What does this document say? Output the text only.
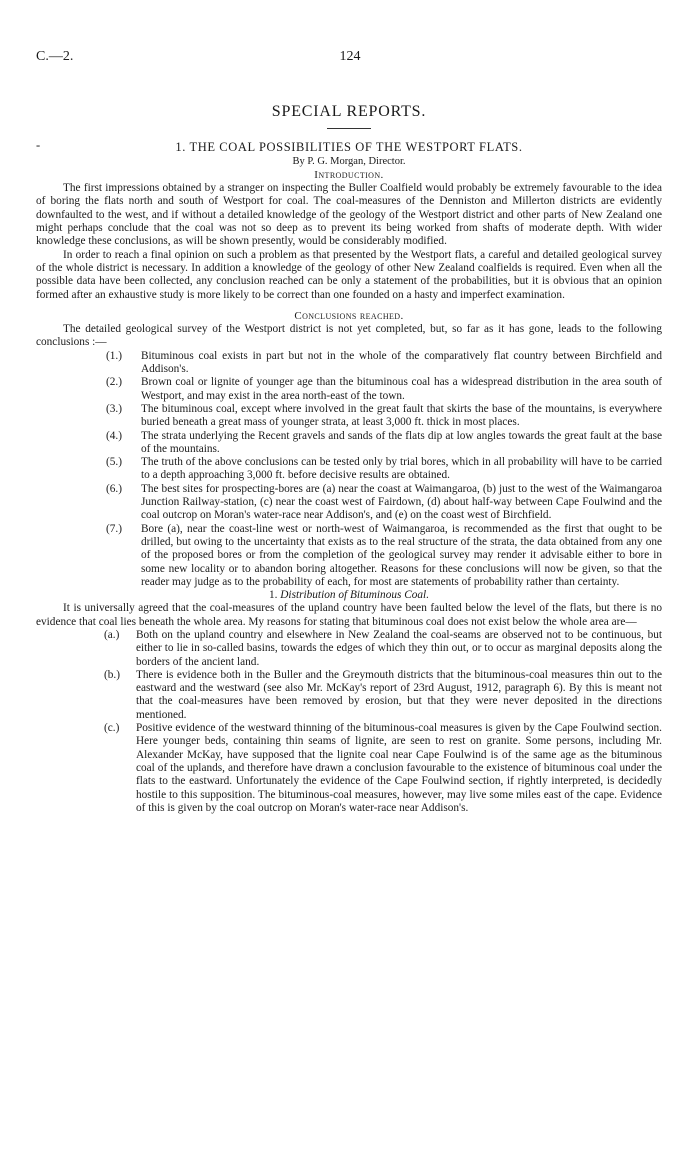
C.—2.	124
SPECIAL REPORTS.
-	1. THE COAL POSSIBILITIES OF THE WESTPORT FLATS.
By P. G. Morgan, Director.
Introduction.

The first impressions obtained by a stranger on inspecting the Buller Coalfield would probably be extremely favourable to the idea of boring the flats north and south of Westport for coal. The coal-measures of the Denniston and Millerton districts are evidently downfaulted to the west, and if without a detailed knowledge of the geology of the Westport district and other parts of New Zealand one might perhaps conclude that the coal was not so deep as to prevent its being worked from shafts of moderate depth. With wider knowledge these conclusions, as will be shown presently, would be considerably modified.

In order to reach a final opinion on such a problem as that presented by the Westport flats, a careful and detailed geological survey of the whole district is necessary. In addition a knowledge of the geology of other New Zealand coalfields is required. Even when all the possible data have been collected, any conclusion reached can be only a statement of the probabilities, but it is obvious that an opinion formed after an exhaustive study is more likely to be correct than one founded on a hasty and imperfect examination.

Conclusions reached.

The detailed geological survey of the Westport district is not yet completed, but, so far as it has gone, leads to the following conclusions :—

(1.) Bituminous coal exists in part but not in the whole of the comparatively flat country between Birchfield and Addison's.
(2.) Brown coal or lignite of younger age than the bituminous coal has a widespread distribution in the area south of Westport, and may exist in the area north-east of the town.
(3.) The bituminous coal, except where involved in the great fault that skirts the base of the mountains, is everywhere buried beneath a great mass of younger strata, at least 3,000 ft. thick in most places.
(4.) The strata underlying the Recent gravels and sands of the flats dip at low angles towards the great fault at the base of the mountains.
(5.) The truth of the above conclusions can be tested only by trial bores, which in all probability will have to be carried to a depth approaching 3,000 ft. before decisive results are obtained.
(6.) The best sites for prospecting-bores are (a) near the coast at Waimangaroa, (b) just to the west of the Waimangaroa Junction Railway-station, (c) near the coast west of Fairdown, (d) about half-way between Cape Foulwind and the coal outcrop on Moran's water-race near Addison's, and (e) on the coast west of Birchfield.
(7.) Bore (a), near the coast-line west or north-west of Waimangaroa, is recommended as the first that ought to be drilled, but owing to the uncertainty that exists as to the real structure of the strata, the data obtained from any one of the proposed bores or from the completion of the geological survey may render it advisable either to bore in some new locality or to abandon boring altogether. Reasons for these conclusions will now be given, so that the reader may judge as to the probability of each, for most are statements of probability rather than certainty.
1. Distribution of Bituminous Coal.

It is universally agreed that the coal-measures of the upland country have been faulted below the level of the flats, but there is no evidence that coal lies beneath the whole area. My reasons for stating that bituminous coal does not exist below the whole area are—

(a.) Both on the upland country and elsewhere in New Zealand the coal-seams are observed not to be continuous, but either to lie in so-called basins, towards the edges of which they thin out, or to occur as marginal deposits along the borders of the ancient land.
(b.) There is evidence both in the Buller and the Greymouth districts that the bituminous-coal measures thin out to the eastward and the westward (see also Mr. McKay's report of 23rd August, 1912, paragraph 6). By this is meant not that the coal-measures have been removed by erosion, but that they were never deposited in the directions mentioned.
(c.) Positive evidence of the westward thinning of the bituminous-coal measures is given by the Cape Foulwind section. Here younger beds, containing thin seams of lignite, are seen to rest on granite. Some persons, including Mr. Alexander McKay, have supposed that the lignite coal near Cape Foulwind is of the same age as the bituminous coal of the uplands, and therefore have drawn a conclusion favourable to the existence of bituminous coal under the flats to the eastward. Unfortunately the evidence of the Cape Foulwind section, if rightly interpreted, is decidedly hostile to this supposition. The bituminous-coal measures, however, may live some miles east of the cape. Evidence of this is given by the coal outcrop on Moran's water-race near Addison's.
